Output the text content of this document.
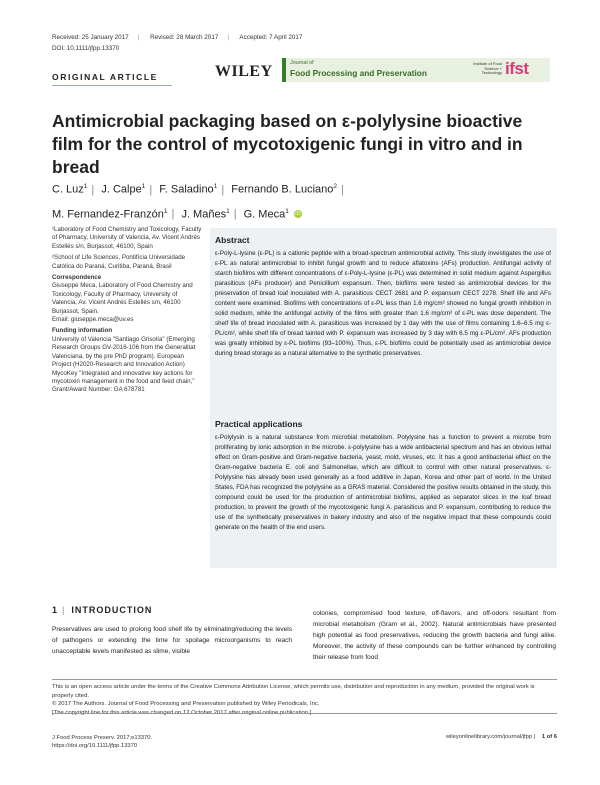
Received: 25 January 2017 | Revised: 28 March 2017 | Accepted: 7 April 2017
DOI: 10.1111/jfpp.13370
ORIGINAL ARTICLE	WILEY	Journal of
Food Processing and Preservation
Institute of Food Science + Technology ifst
Antimicrobial packaging based on ε-polylysine bioactive film for the control of mycotoxigenic fungi in vitro and in bread
C. Luz$^1$ | J. Calpe$^1$ | F. Saladino$^1$ | Fernando B. Luciano$^2$ |
M. Fernandez-Franzón$^1$ | J. Mañes$^1$ | G. Meca$^1$ iD

¹Laboratory of Food Chemistry and Toxicology, Faculty of Pharmacy, University of Valencia, Av. Vicent Andrés Estellés s/n, Burjassot, 46100, Spain

²School of Life Sciences, Pontifícia Universidade Católica do Paraná, Curitiba, Paraná, Brasil

Correspondence

Giuseppe Meca, Laboratory of Food Chemistry and Toxicology, Faculty of Pharmacy, University of Valencia, Av. Vicent Andrés Estellés s/n, 46100 Burjassot, Spain.

Email: giuseppe.meca@uv.es

Funding information

University of Valencia "Santiago Grisolía" (Emerging Research Groups GV-2016-106 from the Generalitat Valenciana, by the pre PhD program). European Project (H2020-Research and Innovation Action) MycoKey "Integrated and innovative key actions for mycotoxin management in the food and feed chain," Grant/Award Number: GA 678781

Abstract
ε-Poly-L-lysine (ε-PL) is a cationic peptide with a broad-spectrum antimicrobial activity. This study investigates the use of ε-PL as natural antimicrobial to inhibit fungal growth and to reduce aflatoxins (AFs) production. Antifungal activity of starch biofilms with different concentrations of ε-Poly-L-lysine (ε-PL) was determined in solid medium against Aspergillus parasiticus (AFs producer) and Penicillium expansum. Then, biofilms were tested as antimicrobial devices for the preservation of bread loaf inoculated with A. parasiticus CECT 2681 and P. expansum CECT 2278. Shelf life and AFs content were examined. Biofilms with concentrations of ε-PL less than 1.6 mg/cm² showed no fungal growth inhibition in solid medium, while the antifungal activity of the films with greater than 1.6 mg/cm² of ε-PL was dose dependent. The shelf life of bread inoculated with A. parasiticus was increased by 1 day with the use of films containing 1.6–6.5 mg ε-PL/cm², while shelf life of bread tainted with P. expansum was increased by 3 day with 6.5 mg ε-PL/cm². AFs production was greatly inhibited by ε-PL biofilms (93–100%). Thus, ε-PL biofilms could be potentially used as antimicrobial device during bread storage as a natural alternative to the synthetic preservatives.
Practical applications
ε-Polylysin is a natural substance from microbial metabolism. Polylysine has a function to prevent a microbe from proliferating by ionic adsorption in the microbe. ε-polylysine has a wide antibacterial spectrum and has an obvious lethal effect on Gram-positive and Gram-negative bacteria, yeast, mold, viruses, etc. It has a good antibacterial effect on the Gram-negative bacteria E. coli and Salmonellae, which are difficult to control with other natural preservatives. ε-Polylysine has already been used generally as a food additive in Japan, Korea and other part of world. In the United States, FDA has recognized the polylysine as a GRAS material. Considered the positive results obtained in the study, this compound could be used for the production of antimicrobial biofilms, applied as separator slices in the loaf bread production, to prevent the growth of the mycotoxigenic fungi A. parasiticus and P. expansum, contributing to reduce the use of the synthetically preservatives in bakery industry and also of the negative impact that these compounds could generate on the health of the end users.
1 | INTRODUCTION
Preservatives are used to prolong food shelf life by eliminating/reducing the levels of pathogens or extending the time for spoilage microorganisms to reach unacceptable levels manifested as slime, visible
colonies, compromised food texture, off-flavors, and off-odors resultant from microbial metabolism (Gram et al., 2002). Natural antimicrobials have presented high potential as food preservatives, reducing the growth bacteria and fungi alike. Moreover, the activity of these compounds can be further enhanced by controlling their release from food
This is an open access article under the terms of the Creative Commons Attribution License, which permits use, distribution and reproduction in any medium, provided the original work is properly cited.
© 2017 The Authors. Journal of Food Processing and Preservation published by Wiley Periodicals, Inc.
J Food Process Preserv. 2017;e13370.
https://doi.org/10.1111/jfpp.13370
wileyonlinelibrary.com/journal/jfpp | 1 of 6
